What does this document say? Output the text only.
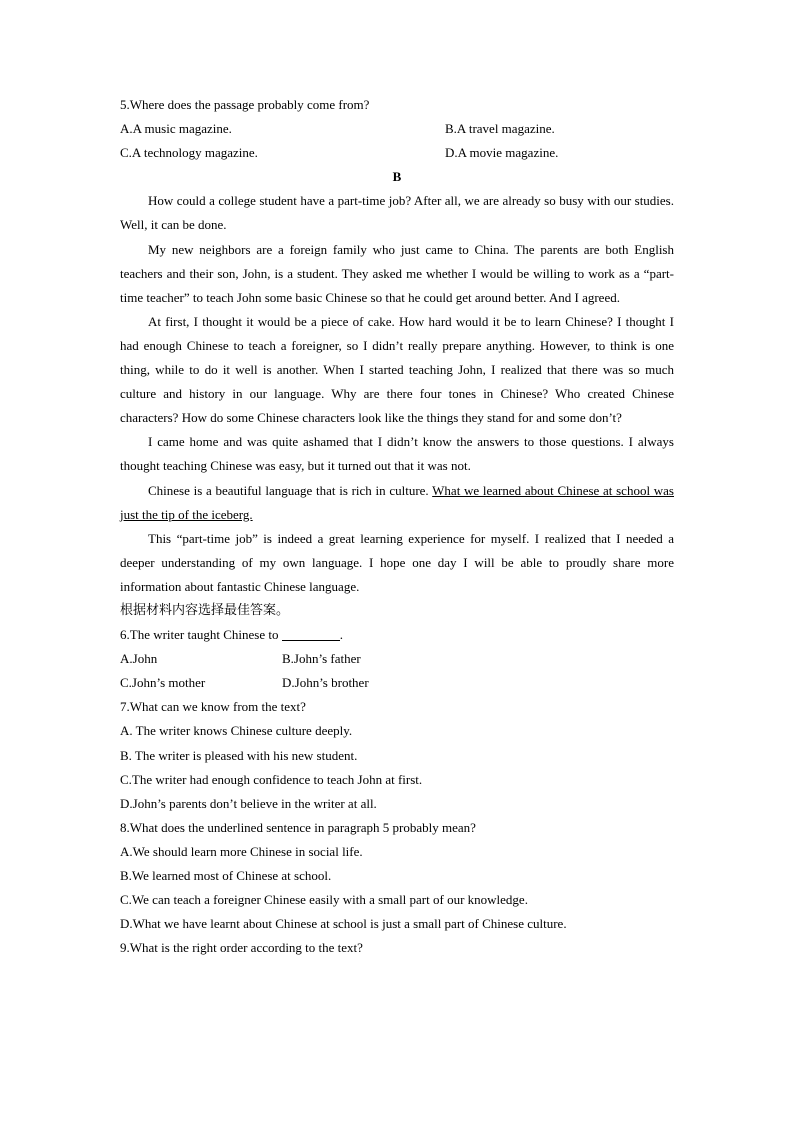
5.Where does the passage probably come from?
A.A music magazine.	B.A travel magazine.
C.A technology magazine.	D.A movie magazine.
B

How could a college student have a part-time job? After all, we are already so busy with our studies. Well, it can be done.

My new neighbors are a foreign family who just came to China. The parents are both English teachers and their son, John, is a student. They asked me whether I would be willing to work as a “part-time teacher” to teach John some basic Chinese so that he could get around better. And I agreed.

At first, I thought it would be a piece of cake. How hard would it be to learn Chinese? I thought I had enough Chinese to teach a foreigner, so I didn’t really prepare anything. However, to think is one thing, while to do it well is another. When I started teaching John, I realized that there was so much culture and history in our language. Why are there four tones in Chinese? Who created Chinese characters? How do some Chinese characters look like the things they stand for and some don’t?

I came home and was quite ashamed that I didn’t know the answers to those questions. I always thought teaching Chinese was easy, but it turned out that it was not.

Chinese is a beautiful language that is rich in culture. What we learned about Chinese at school was just the tip of the iceberg.

This “part-time job” is indeed a great learning experience for myself. I realized that I needed a deeper understanding of my own language. I hope one day I will be able to proudly share more information about fantastic Chinese language.

根据材料内容选择最佳答案。
6.The writer taught Chinese to	.
A.John	B.John’s father
C.John’s mother	D.John’s brother
7.What can we know from the text?
A. The writer knows Chinese culture deeply.
B. The writer is pleased with his new student.
C.The writer had enough confidence to teach John at first.
D.John’s parents don’t believe in the writer at all.
8.What does the underlined sentence in paragraph 5 probably mean?
A.We should learn more Chinese in social life.
B.We learned most of Chinese at school.
C.We can teach a foreigner Chinese easily with a small part of our knowledge.
D.What we have learnt about Chinese at school is just a small part of Chinese culture.
9.What is the right order according to the text?
